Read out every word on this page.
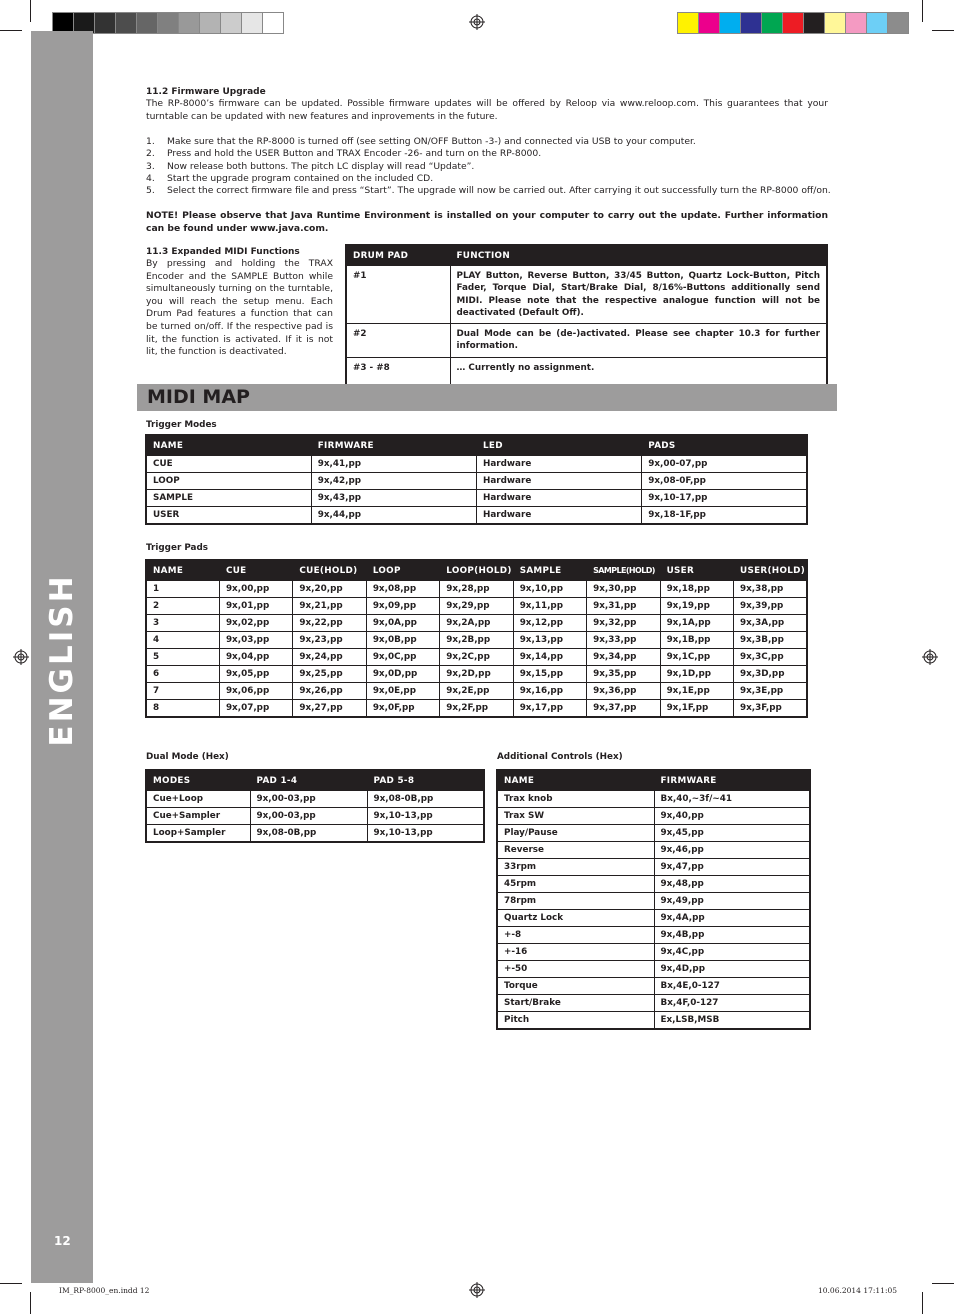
ENGLISH
12
11.2 Firmware Upgrade
The RP-8000’s firmware can be updated. Possible firmware updates will be offered by Reloop via www.reloop.com. This guarantees that your turntable can be updated with new features and inprovements in the future.
1.	Make sure that the RP-8000 is turned off (see setting ON/OFF Button -3-) and connected via USB to your computer.
2.	Press and hold the USER Button and TRAX Encoder -26- and turn on the RP-8000.
3.	Now release both buttons. The pitch LC display will read “Update”.
4.	Start the upgrade program contained on the included CD.
5.	Select the correct firmware file and press “Start”. The upgrade will now be carried out. After carrying it out successfully turn the RP-8000 off/on.
NOTE! Please observe that Java Runtime Environment is installed on your computer to carry out the update. Further information can be found under www.java.com.
11.3 Expanded MIDI Functions
By pressing and holding the TRAX Encoder and the SAMPLE Button while simultaneously turning on the turntable, you will reach the setup menu. Each Drum Pad features a function that can be turned on/off. If the respective pad is lit, the function is activated. If it is not lit, the function is deactivated.
DRUM PAD	FUNCTION
#1	PLAY Button, Reverse Button, 33/45 Button, Quartz Lock-Button, Pitch Fader, Torque Dial, Start/Brake Dial, 8/16%-Buttons additionally send MIDI. Please note that the respective analogue function will not be deactivated (Default Off).
#2	Dual Mode can be (de-)activated. Please see chapter 10.3 for further information.
#3 - #8	… Currently no assignment.
MIDI MAP
Trigger Modes
NAME	FIRMWARE	LED	PADS
CUE	9x,41,pp	Hardware	9x,00-07,pp
LOOP	9x,42,pp	Hardware	9x,08-0F,pp
SAMPLE	9x,43,pp	Hardware	9x,10-17,pp
USER	9x,44,pp	Hardware	9x,18-1F,pp
Trigger Pads
NAME	CUE	CUE(HOLD)	LOOP	LOOP(HOLD)	SAMPLE	SAMPLE(HOLD)	USER	USER(HOLD)
1	9x,00,pp	9x,20,pp	9x,08,pp	9x,28,pp	9x,10,pp	9x,30,pp	9x,18,pp	9x,38,pp
2	9x,01,pp	9x,21,pp	9x,09,pp	9x,29,pp	9x,11,pp	9x,31,pp	9x,19,pp	9x,39,pp
3	9x,02,pp	9x,22,pp	9x,0A,pp	9x,2A,pp	9x,12,pp	9x,32,pp	9x,1A,pp	9x,3A,pp
4	9x,03,pp	9x,23,pp	9x,0B,pp	9x,2B,pp	9x,13,pp	9x,33,pp	9x,1B,pp	9x,3B,pp
5	9x,04,pp	9x,24,pp	9x,0C,pp	9x,2C,pp	9x,14,pp	9x,34,pp	9x,1C,pp	9x,3C,pp
6	9x,05,pp	9x,25,pp	9x,0D,pp	9x,2D,pp	9x,15,pp	9x,35,pp	9x,1D,pp	9x,3D,pp
7	9x,06,pp	9x,26,pp	9x,0E,pp	9x,2E,pp	9x,16,pp	9x,36,pp	9x,1E,pp	9x,3E,pp
8	9x,07,pp	9x,27,pp	9x,0F,pp	9x,2F,pp	9x,17,pp	9x,37,pp	9x,1F,pp	9x,3F,pp
Dual Mode (Hex)
MODES	PAD 1-4	PAD 5-8
Cue+Loop	9x,00-03,pp	9x,08-0B,pp
Cue+Sampler	9x,00-03,pp	9x,10-13,pp
Loop+Sampler	9x,08-0B,pp	9x,10-13,pp
Additional Controls (Hex)
NAME	FIRMWARE
Trax knob	Bx,40,~3f/~41
Trax SW	9x,40,pp
Play/Pause	9x,45,pp
Reverse	9x,46,pp
33rpm	9x,47,pp
45rpm	9x,48,pp
78rpm	9x,49,pp
Quartz Lock	9x,4A,pp
+-8	9x,4B,pp
+-16	9x,4C,pp
+-50	9x,4D,pp
Torque	Bx,4E,0-127
Start/Brake	Bx,4F,0-127
Pitch	Ex,LSB,MSB
IM_RP-8000_en.indd 12	10.06.2014 17:11:05
